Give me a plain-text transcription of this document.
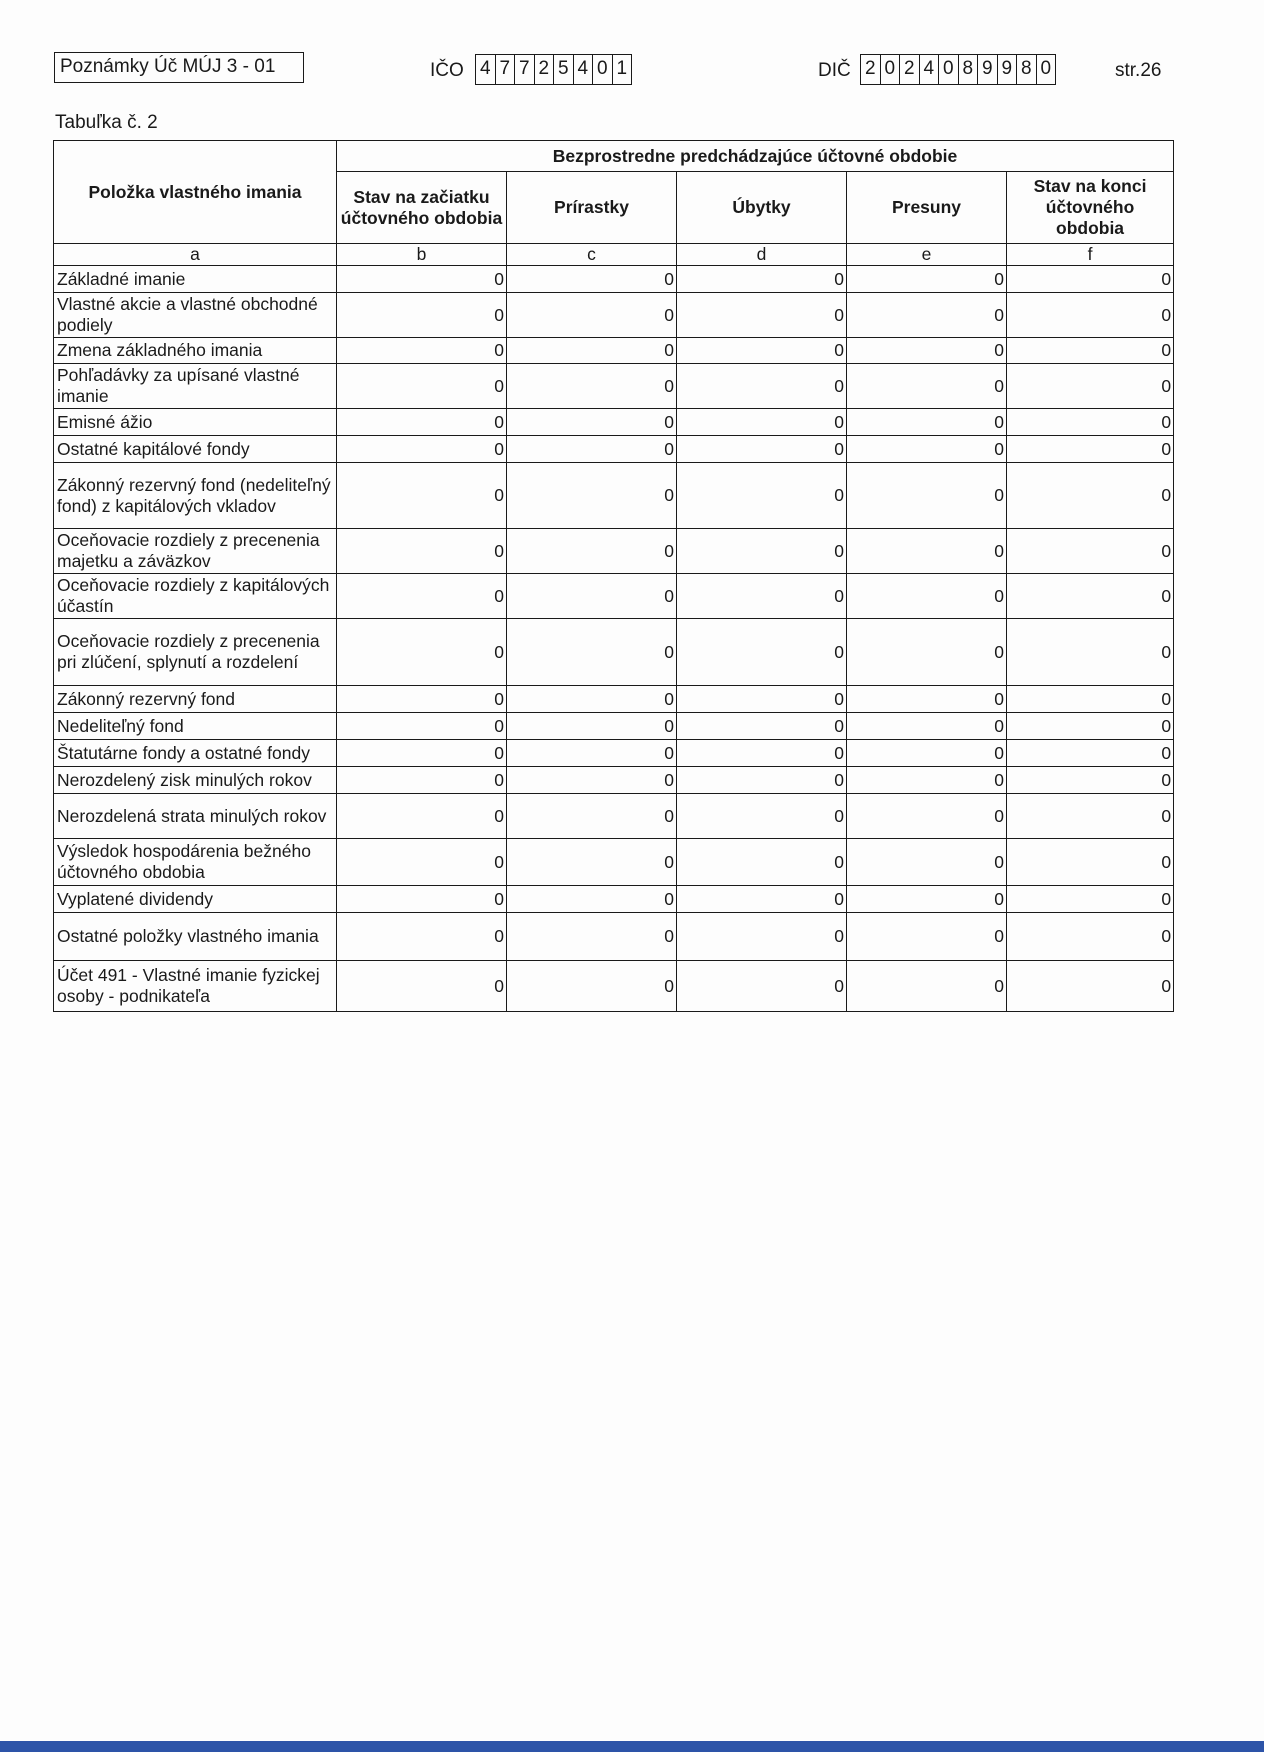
Poznámky Úč MÚJ 3 - 01	IČO 4 7 7 2 5 4 0 1	DIČ 2 0 2 4 0 8 9 9 8 0	str.26
Tabuľka č. 2
Položka vlastného imania	Bezprostredne predchádzajúce účtovné obdobie				
	Stav na začiatku účtovného obdobia	Prírastky	Úbytky	Presuny	Stav na konci účtovného obdobia
a	b	c	d	e	f
Základné imanie	0	0	0	0	0
Vlastné akcie a vlastné obchodné podiely	0	0	0	0	0
Zmena základného imania	0	0	0	0	0
Pohľadávky za upísané vlastné imanie	0	0	0	0	0
Emisné ážio	0	0	0	0	0
Ostatné kapitálové fondy	0	0	0	0	0
Zákonný rezervný fond (nedeliteľný fond) z kapitálových vkladov	0	0	0	0	0
Oceňovacie rozdiely z precenenia majetku a záväzkov	0	0	0	0	0
Oceňovacie rozdiely z kapitálových účastín	0	0	0	0	0
Oceňovacie rozdiely z precenenia pri zlúčení, splynutí a rozdelení	0	0	0	0	0
Zákonný rezervný fond	0	0	0	0	0
Nedeliteľný fond	0	0	0	0	0
Štatutárne fondy a ostatné fondy	0	0	0	0	0
Nerozdelený zisk minulých rokov	0	0	0	0	0
Nerozdelená strata minulých rokov	0	0	0	0	0
Výsledok hospodárenia bežného účtovného obdobia	0	0	0	0	0
Vyplatené dividendy	0	0	0	0	0
Ostatné položky vlastného imania	0	0	0	0	0
Účet 491 - Vlastné imanie fyzickej osoby - podnikateľa	0	0	0	0	0
